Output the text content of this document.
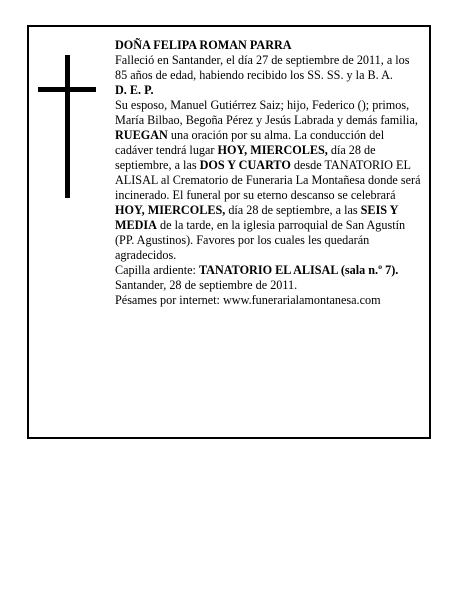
DOÑA FELIPA ROMAN PARRA

Falleció en Santander, el día 27 de septiembre de 2011, a los 85 años de edad, habiendo recibido los SS. SS. y la B. A.

D. E. P.

Su esposo, Manuel Gutiérrez Saiz; hijo, Federico (); primos, María Bilbao, Begoña Pérez y Jesús Labrada y demás familia,

RUEGAN una oración por su alma. La conducción del cadáver tendrá lugar HOY, MIERCOLES, día 28 de septiembre, a las DOS Y CUARTO desde TANATORIO EL ALISAL al Crematorio de Funeraria La Montañesa donde será incinerado. El funeral por su eterno descanso se celebrará HOY, MIERCOLES, día 28 de septiembre, a las SEIS Y MEDIA de la tarde, en la iglesia parroquial de San Agustín (PP. Agustinos). Favores por los cuales les quedarán agradecidos.

Capilla ardiente: TANATORIO EL ALISAL (sala n.º 7).

Santander, 28 de septiembre de 2011.

Pésames por internet: www.funerarialamontanesa.com
